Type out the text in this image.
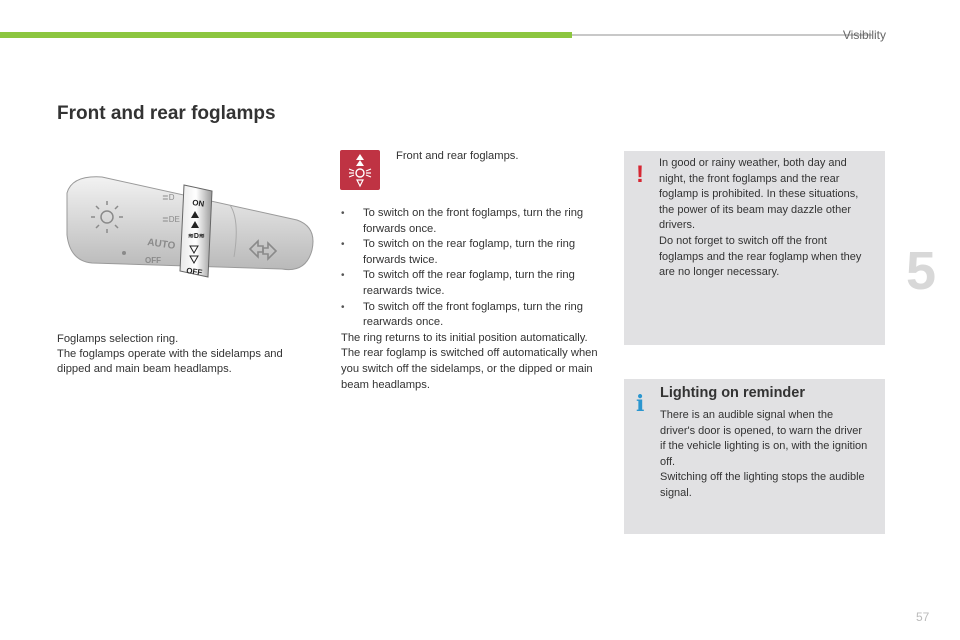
Visibility
5
Front and rear foglamps
≣D
≣DE
AUTO
OFF
ON
≋D≋
OFF
Foglamps selection ring.
The foglamps operate with the sidelamps and dipped and main beam headlamps.
Front and rear foglamps.
• To switch on the front foglamps, turn the ring forwards once.
• To switch on the rear foglamp, turn the ring forwards twice.
• To switch off the rear foglamp, turn the ring rearwards twice.
• To switch off the front foglamps, turn the ring rearwards once.
The ring returns to its initial position automatically.
The rear foglamp is switched off automatically when you switch off the sidelamps, or the dipped or main beam headlamps.
! In good or rainy weather, both day and night, the front foglamps and the rear foglamp is prohibited. In these situations, the power of its beam may dazzle other drivers.
Do not forget to switch off the front foglamps and the rear foglamp when they are no longer necessary.
i Lighting on reminder
There is an audible signal when the driver's door is opened, to warn the driver if the vehicle lighting is on, with the ignition off.
Switching off the lighting stops the audible signal.
57
